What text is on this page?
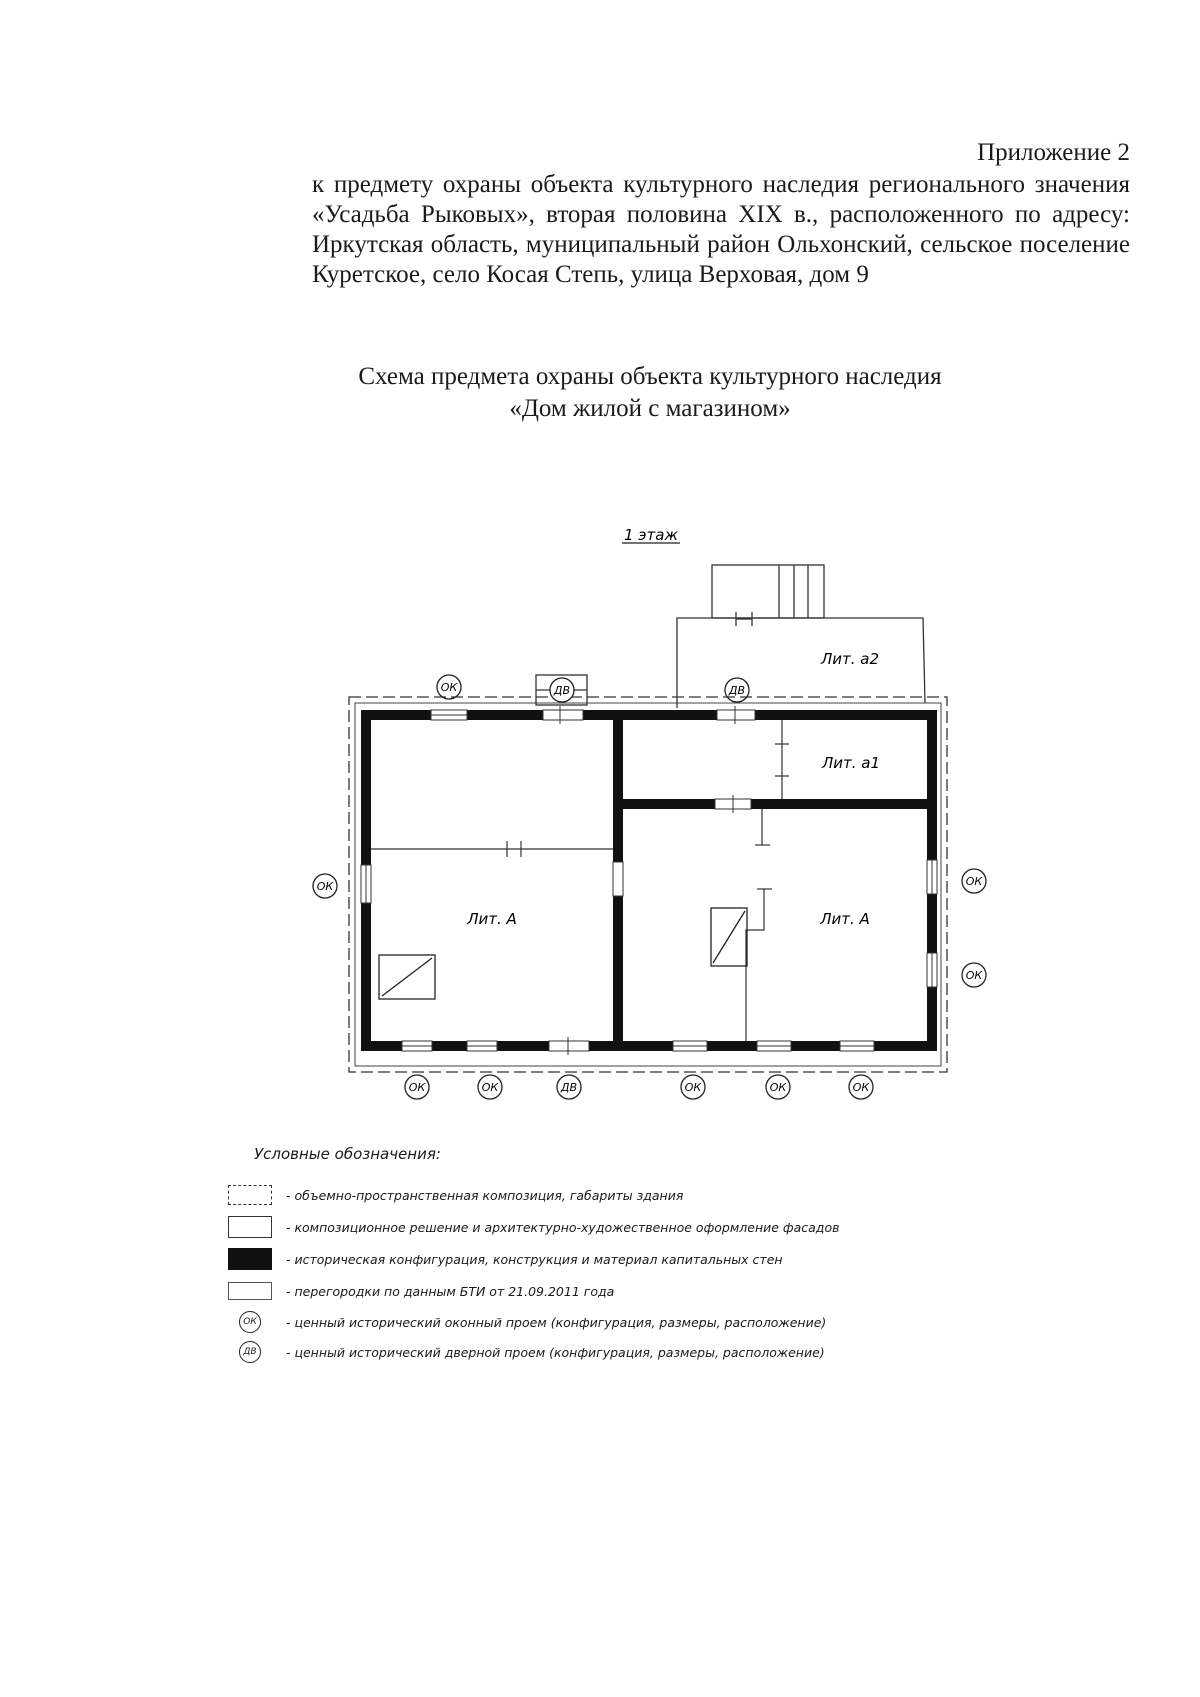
Приложение 2
к предмету охраны объекта культурного наследия регионального значения «Усадьба Рыковых», вторая половина XIX в., расположенного по адресу: Иркутская область, муниципальный район Ольхонский, сельское поселение Куретское, село Косая Степь, улица Верховая, дом 9
Схема предмета охраны объекта культурного наследия
«Дом жилой с магазином»
1 этаж
Лит. а2
Лит. А	Лит. А
Лит. а1
ОК
ОК	ОК
ОК
ОК	ОК	ОК	ОК	ОК
ДВ	ДВ
ДВ
Условные обозначения:
- объемно-пространственная композиция, габариты здания
- композиционное решение и архитектурно-художественное оформление фасадов
- историческая конфигурация, конструкция и материал капитальных стен
- перегородки по данным БТИ от 21.09.2011 года
ОК	- ценный исторический оконный проем (конфигурация, размеры, расположение)
ДВ	- ценный исторический дверной проем (конфигурация, размеры, расположение)
